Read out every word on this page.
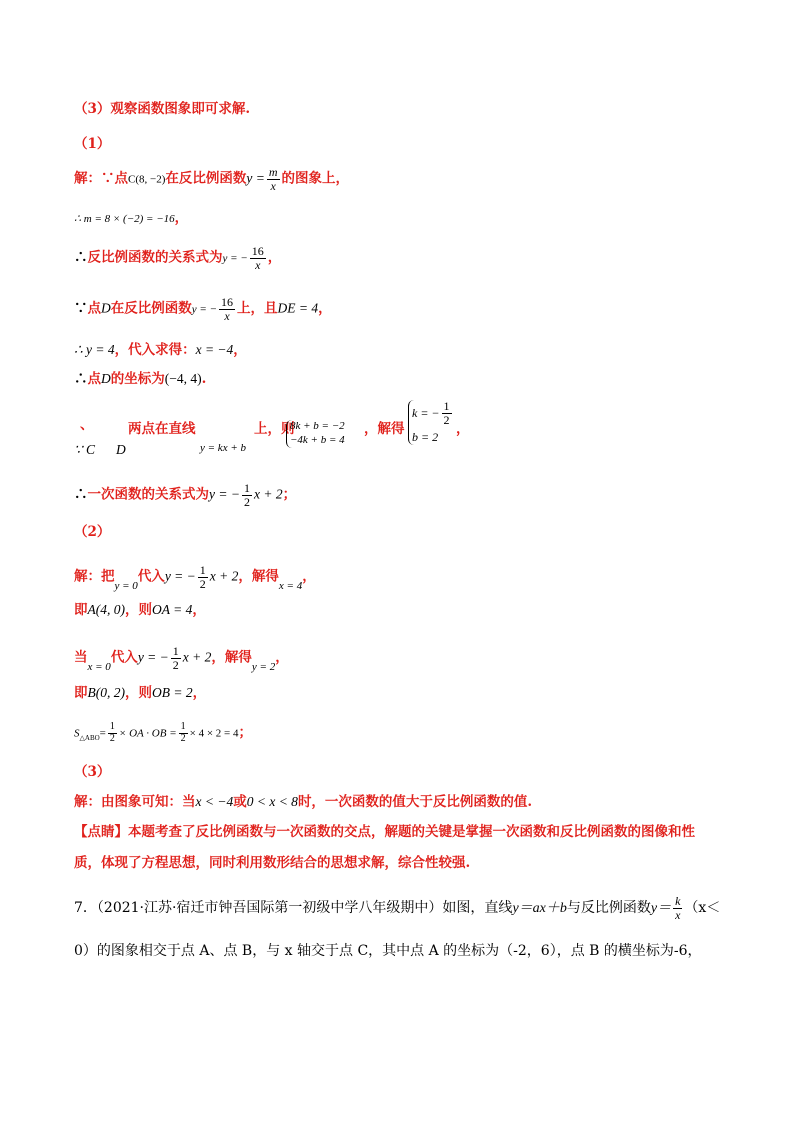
（3）观察函数图象即可求解.
（1）
解：∵点C(8, −2)在反比例函数$y = \frac{m}{x}$ 的图象上，
∴ m = 8 × (−2) = −16，
∴反比例函数的关系式为y = − $\frac{16}{x}$ ，
∵点D在反比例函数y = − $\frac{16}{x}$ 上，且DE = 4，
∴ y = 4，代入求得：x = −4，
∴点D的坐标为(−4, 4).
、
∵ C
两点在直线
D	y = kx + b
上，则
8k + b = −2
−4k + b = 4
，解得
k = − $\frac{1}{2}$
b = 2
，
∴一次函数的关系式为y = − $\frac{1}{2}$ x + 2；
（2）
解：把$_{y = 0}$代入y = − $\frac{1}{2}$ x + 2，解得$_{x = 4}$，
即A(4, 0)，则OA = 4，
当$_{x = 0}$代入y = − $\frac{1}{2}$ x + 2，解得$_{y = 2}$，
即B(0, 2)，则OB = 2，
$S_{\triangle ABO}= \frac{1}{2}$ × OA · OB = $\frac{1}{2} \times 4 \times 2 = 4$；
（3）
解：由图象可知：当x < −4或0 < x < 8时，一次函数的值大于反比例函数的值.
【点睛】本题考查了反比例函数与一次函数的交点，解题的关键是掌握一次函数和反比例函数的图像和性
质，体现了方程思想，同时利用数形结合的思想求解，综合性较强.
7．（2021·江苏·宿迁市钟吾国际第一初级中学八年级期中）如图，直线y＝ax＋b与反比例函数$y= \frac{k}{x} (x<$
0）的图象相交于点 A、点 B，与 x 轴交于点 C，其中点 A 的坐标为（-2，6），点 B 的横坐标为-6，
